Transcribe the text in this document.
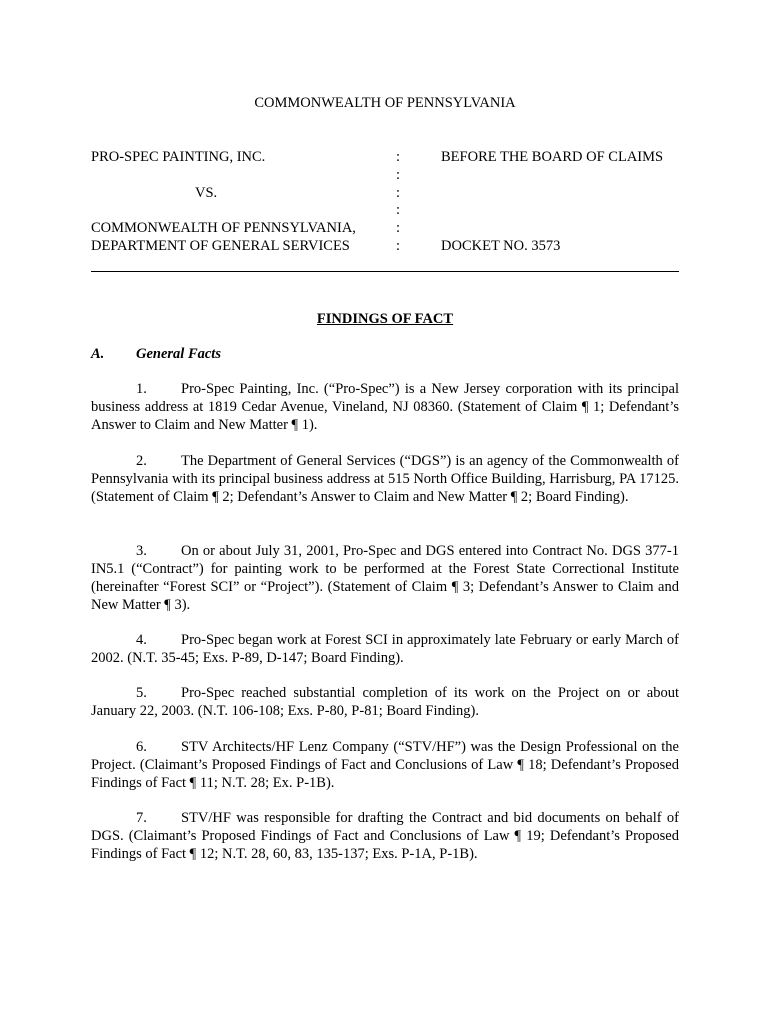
COMMONWEALTH OF PENNSYLVANIA
PRO-SPEC PAINTING, INC.
VS.
COMMONWEALTH OF PENNSYLVANIA,
DEPARTMENT OF GENERAL SERVICES
:
:
:
:
:
:
BEFORE THE BOARD OF CLAIMS
DOCKET NO. 3573
FINDINGS OF FACT
A. General Facts
1. Pro-Spec Painting, Inc. (“Pro-Spec”) is a New Jersey corporation with its principal business address at 1819 Cedar Avenue, Vineland, NJ 08360. (Statement of Claim ¶ 1; Defendant’s Answer to Claim and New Matter ¶ 1).
2. The Department of General Services (“DGS”) is an agency of the Commonwealth of Pennsylvania with its principal business address at 515 North Office Building, Harrisburg, PA 17125. (Statement of Claim ¶ 2; Defendant’s Answer to Claim and New Matter ¶ 2; Board Finding).
3. On or about July 31, 2001, Pro-Spec and DGS entered into Contract No. DGS 377-1 IN5.1 (“Contract”) for painting work to be performed at the Forest State Correctional Institute (hereinafter “Forest SCI” or “Project”). (Statement of Claim ¶ 3; Defendant’s Answer to Claim and New Matter ¶ 3).
4. Pro-Spec began work at Forest SCI in approximately late February or early March of 2002. (N.T. 35-45; Exs. P-89, D-147; Board Finding).
5. Pro-Spec reached substantial completion of its work on the Project on or about January 22, 2003. (N.T. 106-108; Exs. P-80, P-81; Board Finding).
6. STV Architects/HF Lenz Company (“STV/HF”) was the Design Professional on the Project. (Claimant’s Proposed Findings of Fact and Conclusions of Law ¶ 18; Defendant’s Proposed Findings of Fact ¶ 11; N.T. 28; Ex. P-1B).
7. STV/HF was responsible for drafting the Contract and bid documents on behalf of DGS. (Claimant’s Proposed Findings of Fact and Conclusions of Law ¶ 19; Defendant’s Proposed Findings of Fact ¶ 12; N.T. 28, 60, 83, 135-137; Exs. P-1A, P-1B).
